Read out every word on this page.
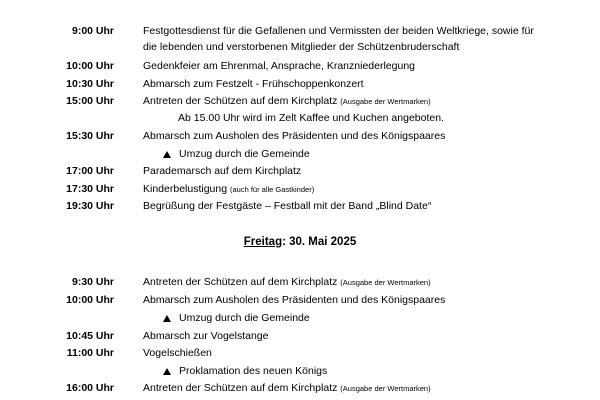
9:00 Uhr	Festgottesdienst für die Gefallenen und Vermissten der beiden Weltkriege, sowie für
die lebenden und verstorbenen Mitglieder der Schützenbruderschaft
10:00 Uhr	Gedenkfeier am Ehrenmal, Ansprache, Kranzniederlegung
10:30 Uhr	Abmarsch zum Festzelt - Frühschoppenkonzert
15:00 Uhr	Antreten der Schützen auf dem Kirchplatz (Ausgabe der Wertmarken)
Ab 15.00 Uhr wird im Zelt Kaffee und Kuchen angeboten.
15:30 Uhr	Abmarsch zum Ausholen des Präsidenten und des Königspaares
Umzug durch die Gemeinde
17:00 Uhr	Parademarsch auf dem Kirchplatz
17:30 Uhr	Kinderbelustigung (auch für alle Gastkinder)
19:30 Uhr	Begrüßung der Festgäste – Festball mit der Band „Blind Date“
Freitag: 30. Mai 2025
9:30 Uhr	Antreten der Schützen auf dem Kirchplatz (Ausgabe der Wertmarken)
10:00 Uhr	Abmarsch zum Ausholen des Präsidenten und des Königspaares
Umzug durch die Gemeinde
10:45 Uhr	Abmarsch zur Vogelstange
11:00 Uhr	Vogelschießen
Proklamation des neuen Königs
16:00 Uhr	Antreten der Schützen auf dem Kirchplatz (Ausgabe der Wertmarken)
